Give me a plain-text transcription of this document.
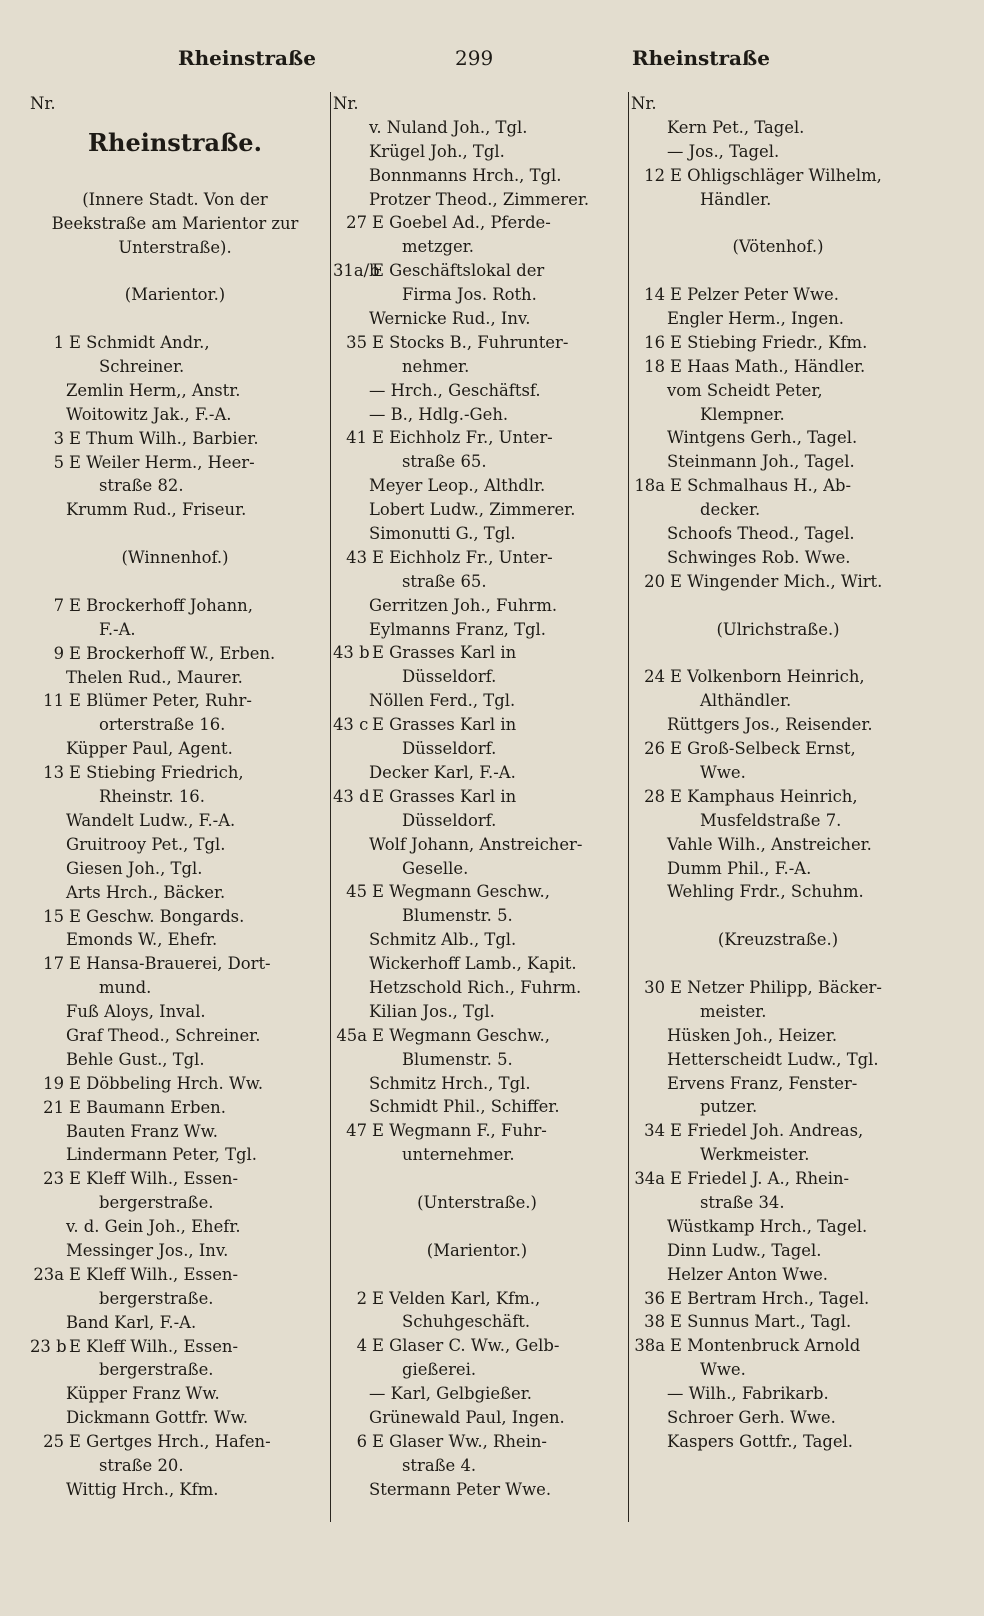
Rheinstraße	299	Rheinstraße
Nr.
Rheinstraße.
(Innere Stadt. Von der
Beekstraße am Marientor zur
Unterstraße).
(Marientor.)
1 E Schmidt Andr.,
Schreiner.
Zemlin Herm,, Anstr.
Woitowitz Jak., F.-A.
3 E Thum Wilh., Barbier.
5 E Weiler Herm., Heer-
straße 82.
Krumm Rud., Friseur.
(Winnenhof.)
7 E Brockerhoff Johann,
F.-A.
9 E Brockerhoff W., Erben.
Thelen Rud., Maurer.
11 E Blümer Peter, Ruhr-
orterstraße 16.
Küpper Paul, Agent.
13 E Stiebing Friedrich,
Rheinstr. 16.
Wandelt Ludw., F.-A.
Gruitrooy Pet., Tgl.
Giesen Joh., Tgl.
Arts Hrch., Bäcker.
15 E Geschw. Bongards.
Emonds W., Ehefr.
17 E Hansa-Brauerei, Dort-
mund.
Fuß Aloys, Inval.
Graf Theod., Schreiner.
Behle Gust., Tgl.
19 E Döbbeling Hrch. Ww.
21 E Baumann Erben.
Bauten Franz Ww.
Lindermann Peter, Tgl.
23 E Kleff Wilh., Essen-
bergerstraße.
v. d. Gein Joh., Ehefr.
Messinger Jos., Inv.
23a E Kleff Wilh., Essen-
bergerstraße.
Band Karl, F.-A.
23 b E Kleff Wilh., Essen-
bergerstraße.
Küpper Franz Ww.
Dickmann Gottfr. Ww.
25 E Gertges Hrch., Hafen-
straße 20.
Wittig Hrch., Kfm.
Nr.
v. Nuland Joh., Tgl.
Krügel Joh., Tgl.
Bonnmanns Hrch., Tgl.
Protzer Theod., Zimmerer.
27 E Goebel Ad., Pferde-
metzger.
31a/b
E Geschäftslokal der
Firma Jos. Roth.
Wernicke Rud., Inv.
35 E Stocks B., Fuhrunter-
nehmer.
— Hrch., Geschäftsf.
— B., Hdlg.-Geh.
41 E Eichholz Fr., Unter-
straße 65.
Meyer Leop., Althdlr.
Lobert Ludw., Zimmerer.
Simonutti G., Tgl.
43 E Eichholz Fr., Unter-
straße 65.
Gerritzen Joh., Fuhrm.
Eylmanns Franz, Tgl.
43 b E Grasses Karl in
Düsseldorf.
Nöllen Ferd., Tgl.
43 c E Grasses Karl in
Düsseldorf.
Decker Karl, F.-A.
43 d E Grasses Karl in
Düsseldorf.
Wolf Johann, Anstreicher-
Geselle.
45 E Wegmann Geschw.,
Blumenstr. 5.
Schmitz Alb., Tgl.
Wickerhoff Lamb., Kapit.
Hetzschold Rich., Fuhrm.
Kilian Jos., Tgl.
45a E Wegmann Geschw.,
Blumenstr. 5.
Schmitz Hrch., Tgl.
Schmidt Phil., Schiffer.
47 E Wegmann F., Fuhr-
unternehmer.
(Unterstraße.)
(Marientor.)
2 E Velden Karl, Kfm.,
Schuhgeschäft.
4 E Glaser C. Ww., Gelb-
gießerei.
— Karl, Gelbgießer.
Grünewald Paul, Ingen.
6 E Glaser Ww., Rhein-
straße 4.
Stermann Peter Wwe.
Nr.
Kern Pet., Tagel.
— Jos., Tagel.
12 E Ohligschläger Wilhelm,
Händler.
(Vötenhof.)
14 E Pelzer Peter Wwe.
Engler Herm., Ingen.
16 E Stiebing Friedr., Kfm.
18 E Haas Math., Händler.
vom Scheidt Peter,
Klempner.
Wintgens Gerh., Tagel.
Steinmann Joh., Tagel.
18a E Schmalhaus H., Ab-
decker.
Schoofs Theod., Tagel.
Schwinges Rob. Wwe.
20 E Wingender Mich., Wirt.
(Ulrichstraße.)
24 E Volkenborn Heinrich,
Althändler.
Rüttgers Jos., Reisender.
26 E Groß-Selbeck Ernst,
Wwe.
28 E Kamphaus Heinrich,
Musfeldstraße 7.
Vahle Wilh., Anstreicher.
Dumm Phil., F.-A.
Wehling Frdr., Schuhm.
(Kreuzstraße.)
30 E Netzer Philipp, Bäcker-
meister.
Hüsken Joh., Heizer.
Hetterscheidt Ludw., Tgl.
Ervens Franz, Fenster-
putzer.
34 E Friedel Joh. Andreas,
Werkmeister.
34a E Friedel J. A., Rhein-
straße 34.
Wüstkamp Hrch., Tagel.
Dinn Ludw., Tagel.
Helzer Anton Wwe.
36 E Bertram Hrch., Tagel.
38 E Sunnus Mart., Tagl.
38a E Montenbruck Arnold
Wwe.
— Wilh., Fabrikarb.
Schroer Gerh. Wwe.
Kaspers Gottfr., Tagel.
